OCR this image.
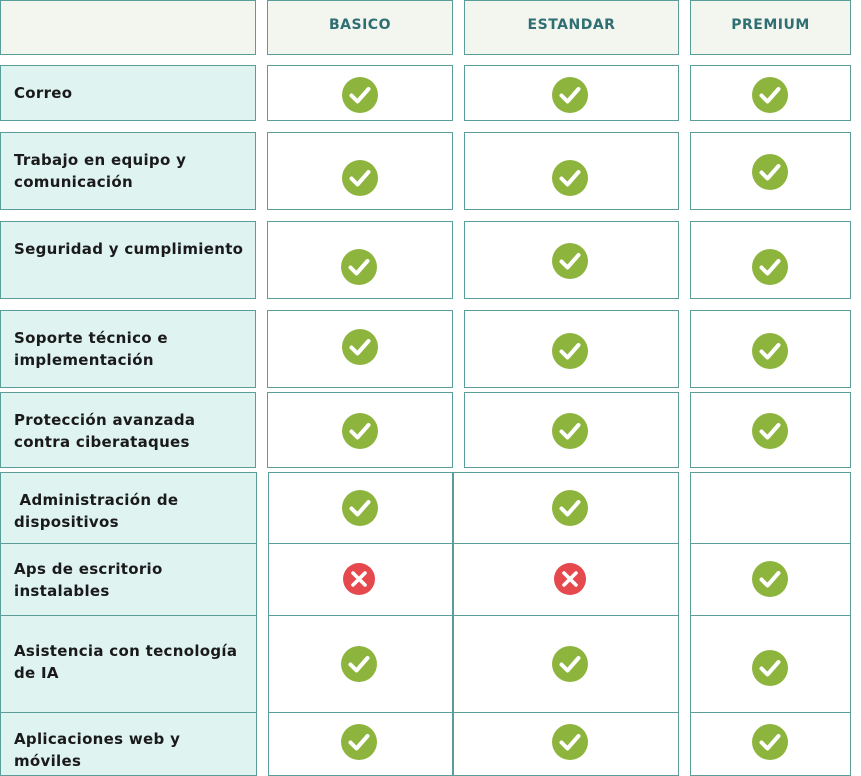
BASICO	ESTANDAR	PREMIUM
Correo
Trabajo en equipo y comunicación
Seguridad y cumplimiento
Soporte técnico e implementación
Protección avanzada contra ciberataques
Administración de dispositivos
Aps de escritorio instalables
Asistencia con tecnología de IA
Aplicaciones web y móviles
